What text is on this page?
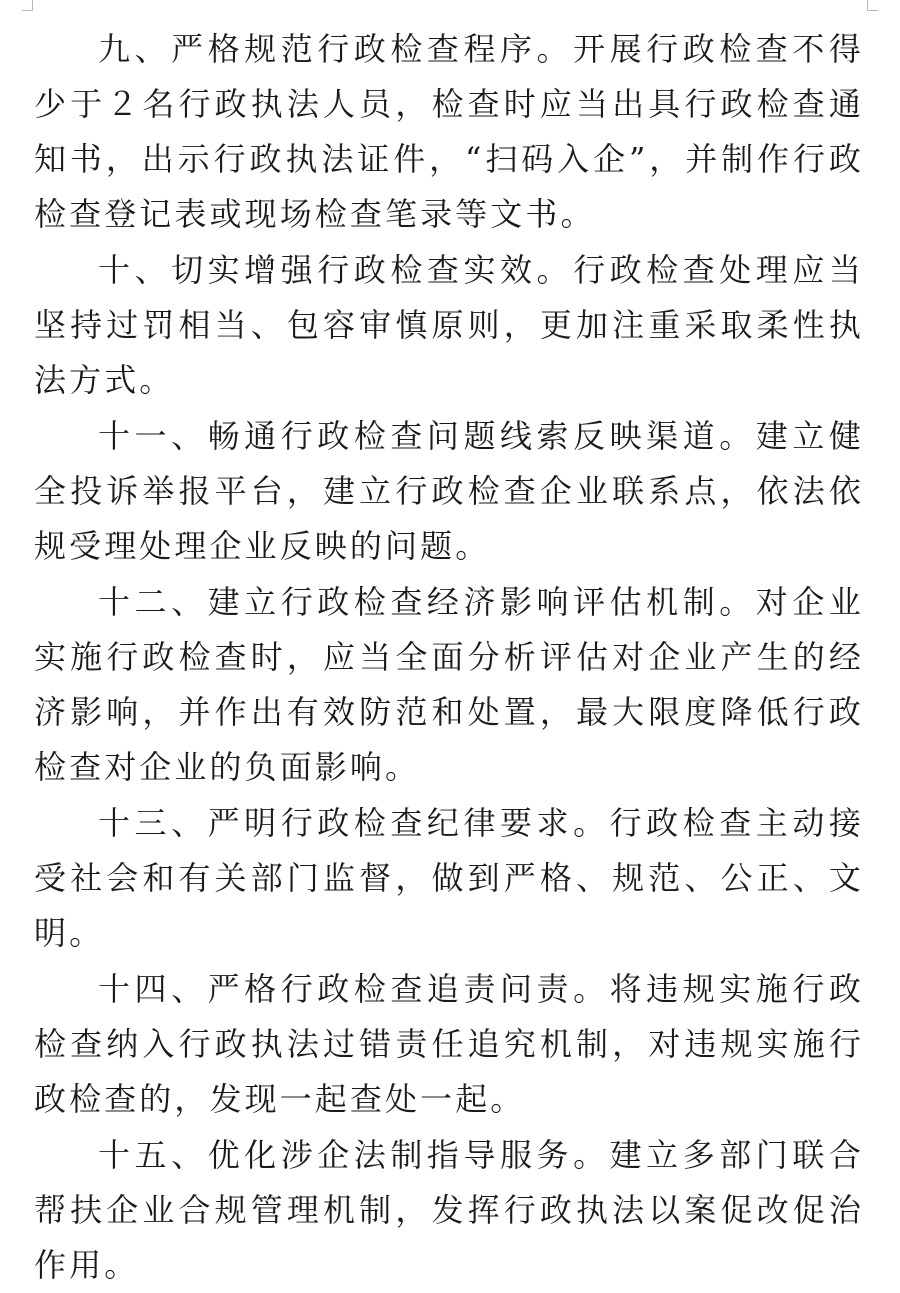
九、严格规范行政检查程序。开展行政检查不得少于２名行政执法人员，检查时应当出具行政检查通知书，出示行政执法证件，“扫码入企”，并制作行政检查登记表或现场检查笔录等文书。

十、切实增强行政检查实效。行政检查处理应当坚持过罚相当、包容审慎原则，更加注重采取柔性执法方式。

十一、畅通行政检查问题线索反映渠道。建立健全投诉举报平台，建立行政检查企业联系点，依法依规受理处理企业反映的问题。

十二、建立行政检查经济影响评估机制。对企业实施行政检查时，应当全面分析评估对企业产生的经济影响，并作出有效防范和处置，最大限度降低行政检查对企业的负面影响。

十三、严明行政检查纪律要求。行政检查主动接受社会和有关部门监督，做到严格、规范、公正、文明。

十四、严格行政检查追责问责。将违规实施行政检查纳入行政执法过错责任追究机制，对违规实施行政检查的，发现一起查处一起。

十五、优化涉企法制指导服务。建立多部门联合帮扶企业合规管理机制，发挥行政执法以案促改促治作用。
